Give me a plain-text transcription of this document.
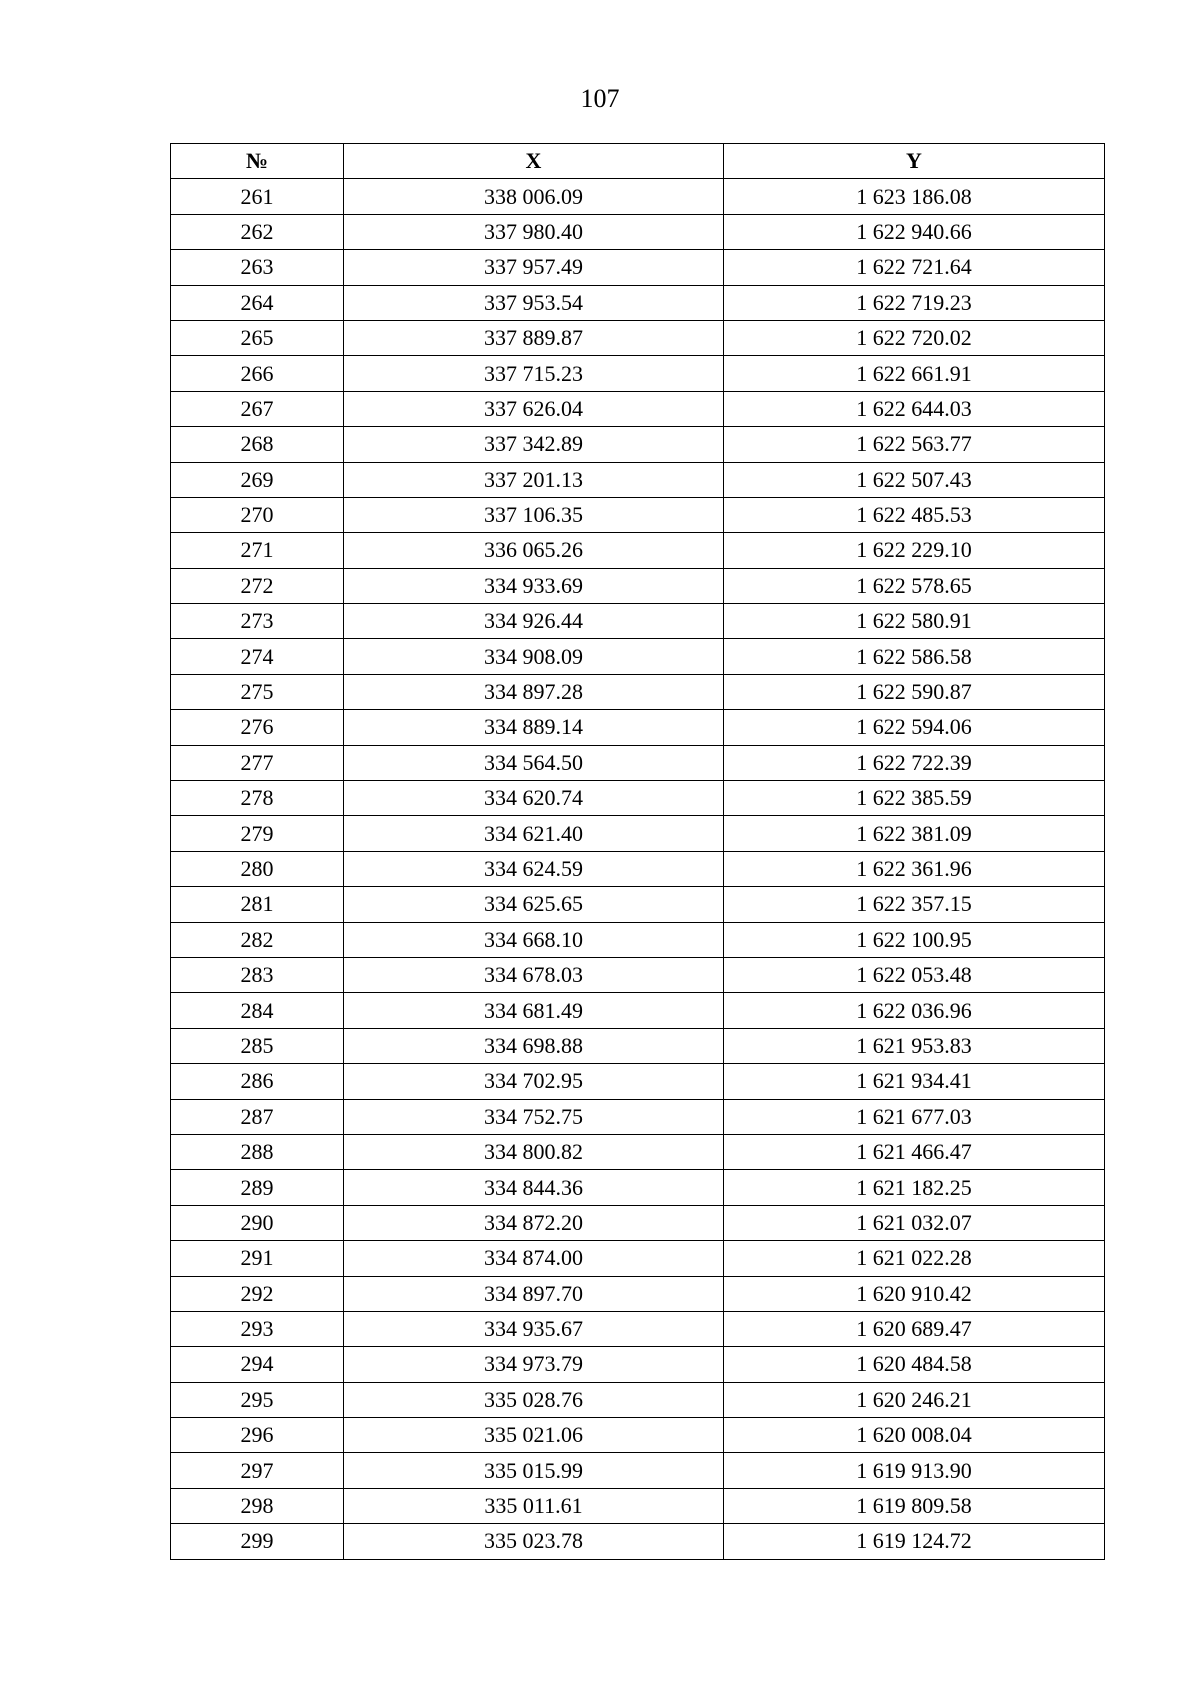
107
№	X	Y
261	338 006.09	1 623 186.08
262	337 980.40	1 622 940.66
263	337 957.49	1 622 721.64
264	337 953.54	1 622 719.23
265	337 889.87	1 622 720.02
266	337 715.23	1 622 661.91
267	337 626.04	1 622 644.03
268	337 342.89	1 622 563.77
269	337 201.13	1 622 507.43
270	337 106.35	1 622 485.53
271	336 065.26	1 622 229.10
272	334 933.69	1 622 578.65
273	334 926.44	1 622 580.91
274	334 908.09	1 622 586.58
275	334 897.28	1 622 590.87
276	334 889.14	1 622 594.06
277	334 564.50	1 622 722.39
278	334 620.74	1 622 385.59
279	334 621.40	1 622 381.09
280	334 624.59	1 622 361.96
281	334 625.65	1 622 357.15
282	334 668.10	1 622 100.95
283	334 678.03	1 622 053.48
284	334 681.49	1 622 036.96
285	334 698.88	1 621 953.83
286	334 702.95	1 621 934.41
287	334 752.75	1 621 677.03
288	334 800.82	1 621 466.47
289	334 844.36	1 621 182.25
290	334 872.20	1 621 032.07
291	334 874.00	1 621 022.28
292	334 897.70	1 620 910.42
293	334 935.67	1 620 689.47
294	334 973.79	1 620 484.58
295	335 028.76	1 620 246.21
296	335 021.06	1 620 008.04
297	335 015.99	1 619 913.90
298	335 011.61	1 619 809.58
299	335 023.78	1 619 124.72
